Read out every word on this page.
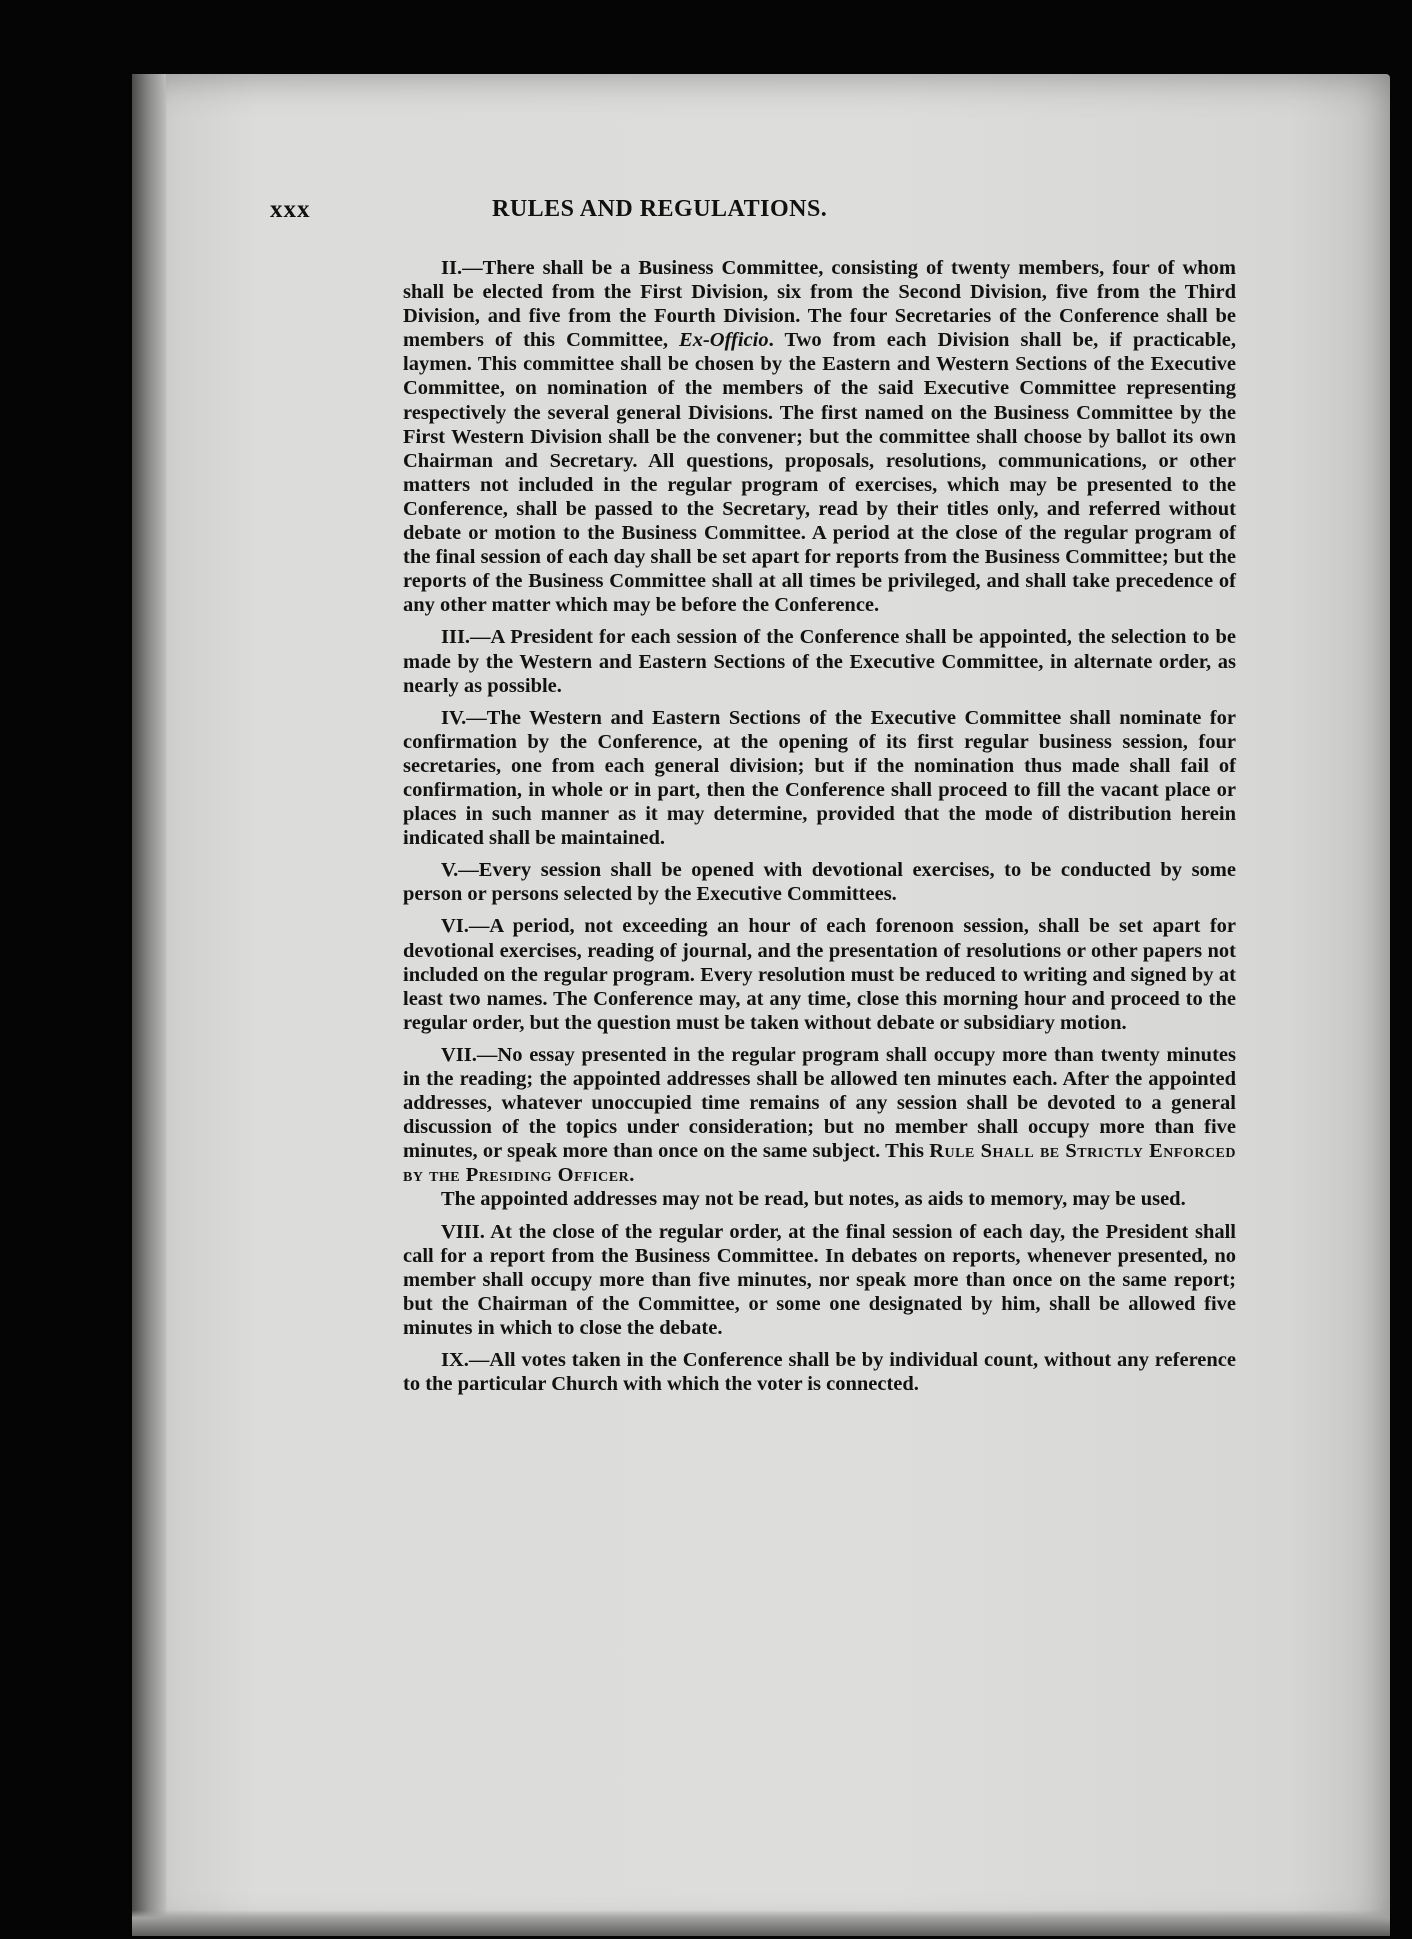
xxx	RULES AND REGULATIONS.

II.—There shall be a Business Committee, consisting of twenty members, four of whom shall be elected from the First Division, six from the Second Division, five from the Third Division, and five from the Fourth Division. The four Secretaries of the Conference shall be members of this Committee, Ex-Officio. Two from each Division shall be, if practicable, laymen. This committee shall be chosen by the Eastern and Western Sections of the Executive Committee, on nomination of the members of the said Executive Committee representing respectively the several general Divisions. The first named on the Business Committee by the First Western Division shall be the convener; but the committee shall choose by ballot its own Chairman and Secretary. All questions, proposals, resolutions, communications, or other matters not included in the regular program of exercises, which may be presented to the Conference, shall be passed to the Secretary, read by their titles only, and referred without debate or motion to the Business Committee. A period at the close of the regular program of the final session of each day shall be set apart for reports from the Business Committee; but the reports of the Business Committee shall at all times be privileged, and shall take precedence of any other matter which may be before the Conference.

III.—A President for each session of the Conference shall be appointed, the selection to be made by the Western and Eastern Sections of the Executive Committee, in alternate order, as nearly as possible.

IV.—The Western and Eastern Sections of the Executive Committee shall nominate for confirmation by the Conference, at the opening of its first regular business session, four secretaries, one from each general division; but if the nomination thus made shall fail of confirmation, in whole or in part, then the Conference shall proceed to fill the vacant place or places in such manner as it may determine, provided that the mode of distribution herein indicated shall be maintained.

V.—Every session shall be opened with devotional exercises, to be conducted by some person or persons selected by the Executive Committees.

VI.—A period, not exceeding an hour of each forenoon session, shall be set apart for devotional exercises, reading of journal, and the presentation of resolutions or other papers not included on the regular program. Every resolution must be reduced to writing and signed by at least two names. The Conference may, at any time, close this morning hour and proceed to the regular order, but the question must be taken without debate or subsidiary motion.

VII.—No essay presented in the regular program shall occupy more than twenty minutes in the reading; the appointed addresses shall be allowed ten minutes each. After the appointed addresses, whatever unoccupied time remains of any session shall be devoted to a general discussion of the topics under consideration; but no member shall occupy more than five minutes, or speak more than once on the same subject. This Rule Shall be Strictly Enforced by the Presiding Officer.

The appointed addresses may not be read, but notes, as aids to memory, may be used.

VIII. At the close of the regular order, at the final session of each day, the President shall call for a report from the Business Committee. In debates on reports, whenever presented, no member shall occupy more than five minutes, nor speak more than once on the same report; but the Chairman of the Committee, or some one designated by him, shall be allowed five minutes in which to close the debate.

IX.—All votes taken in the Conference shall be by individual count, without any reference to the particular Church with which the voter is connected.
